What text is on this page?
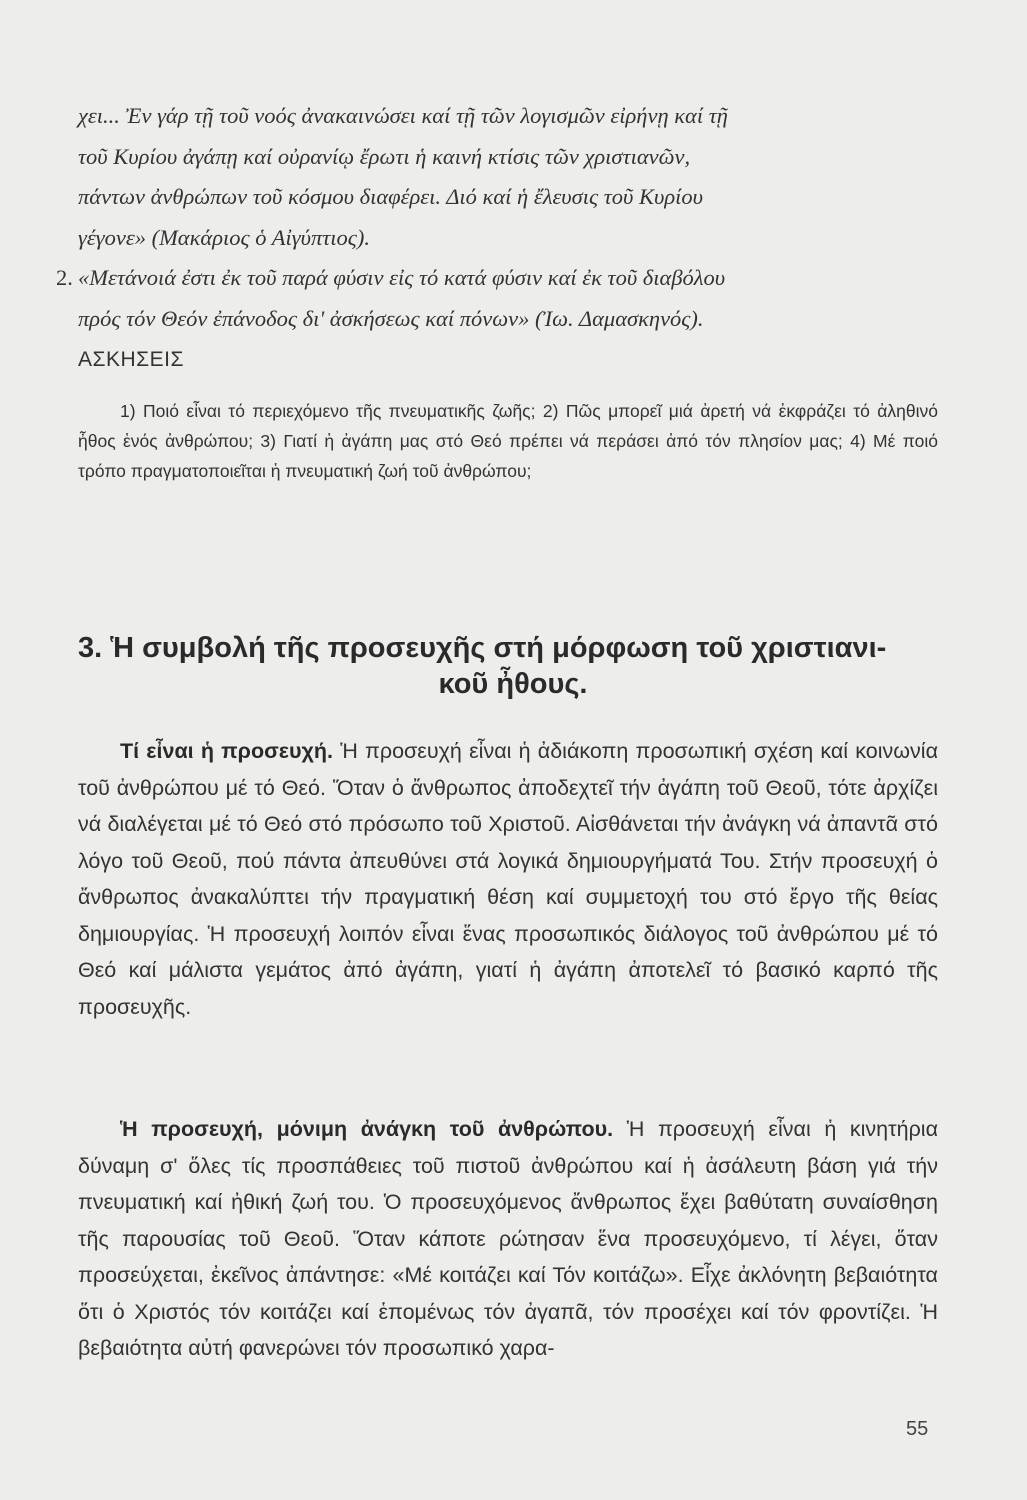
χει... Ἐν γάρ τῇ τοῦ νοός ἀνακαινώσει καί τῇ τῶν λογισμῶν εἰρήνῃ καί τῇ

τοῦ Κυρίου ἀγάπῃ καί οὐρανίῳ ἔρωτι ἡ καινή κτίσις τῶν χριστιανῶν,

πάντων ἀνθρώπων τοῦ κόσμου διαφέρει. Διό καί ἡ ἔλευσις τοῦ Κυρίου

γέγονε» (Μακάριος ὁ Αἰγύπτιος).

2. «Μετάνοιά ἐστι ἐκ τοῦ παρά φύσιν εἰς τό κατά φύσιν καί ἐκ τοῦ διαβόλου

πρός τόν Θεόν ἐπάνοδος δι' ἀσκήσεως καί πόνων» (Ἰω. Δαμασκηνός).

ΑΣΚΗΣΕΙΣ
1) Ποιό εἶναι τό περιεχόμενο τῆς πνευματικῆς ζωῆς; 2) Πῶς μπορεῖ μιά ἀρετή νά ἐκφράζει τό ἀληθινό ἦθος ἑνός ἀνθρώπου; 3) Γιατί ἡ ἀγάπη μας στό Θεό πρέπει νά περάσει ἀπό τόν πλησίον μας; 4) Μέ ποιό τρόπο πραγματοποιεῖται ἡ πνευματική ζωή τοῦ ἀνθρώπου;
3. Ἡ συμβολή τῆς προσευχῆς στή μόρφωση τοῦ χριστιανι-
κοῦ ἦθους.

Τί εἶναι ἡ προσευχή. Ἡ προσευχή εἶναι ἡ ἀδιάκοπη προσωπική σχέση καί κοινωνία τοῦ ἀνθρώπου μέ τό Θεό. Ὅταν ὁ ἄνθρωπος ἀποδεχτεῖ τήν ἀγάπη τοῦ Θεοῦ, τότε ἀρχίζει νά διαλέγεται μέ τό Θεό στό πρόσωπο τοῦ Χριστοῦ. Αἰσθάνεται τήν ἀνάγκη νά ἀπαντᾶ στό λόγο τοῦ Θεοῦ, πού πάντα ἀπευθύνει στά λογικά δημιουργήματά Του. Στήν προσευχή ὁ ἄνθρωπος ἀνακαλύπτει τήν πραγματική θέση καί συμμετοχή του στό ἔργο τῆς θείας δημιουργίας. Ἡ προσευχή λοιπόν εἶναι ἕνας προσωπικός διάλογος τοῦ ἀνθρώπου μέ τό Θεό καί μάλιστα γεμάτος ἀπό ἀγάπη, γιατί ἡ ἀγάπη ἀποτελεῖ τό βασικό καρπό τῆς προσευχῆς.

Ἡ προσευχή, μόνιμη ἀνάγκη τοῦ ἀνθρώπου. Ἡ προσευχή εἶναι ἡ κινητήρια δύναμη σ' ὅλες τίς προσπάθειες τοῦ πιστοῦ ἀνθρώπου καί ἡ ἀσάλευτη βάση γιά τήν πνευματική καί ἠθική ζωή του. Ὁ προσευχόμενος ἄνθρωπος ἔχει βαθύτατη συναίσθηση τῆς παρουσίας τοῦ Θεοῦ. Ὅταν κάποτε ρώτησαν ἕνα προσευχόμενο, τί λέγει, ὅταν προσεύχεται, ἐκεῖνος ἀπάντησε: «Μέ κοιτάζει καί Τόν κοιτάζω». Εἶχε ἀκλόνητη βεβαιότητα ὅτι ὁ Χριστός τόν κοιτάζει καί ἑπομένως τόν ἀγαπᾶ, τόν προσέχει καί τόν φροντίζει. Ἡ βεβαιότητα αὐτή φανερώνει τόν προσωπικό χαρα-

55
